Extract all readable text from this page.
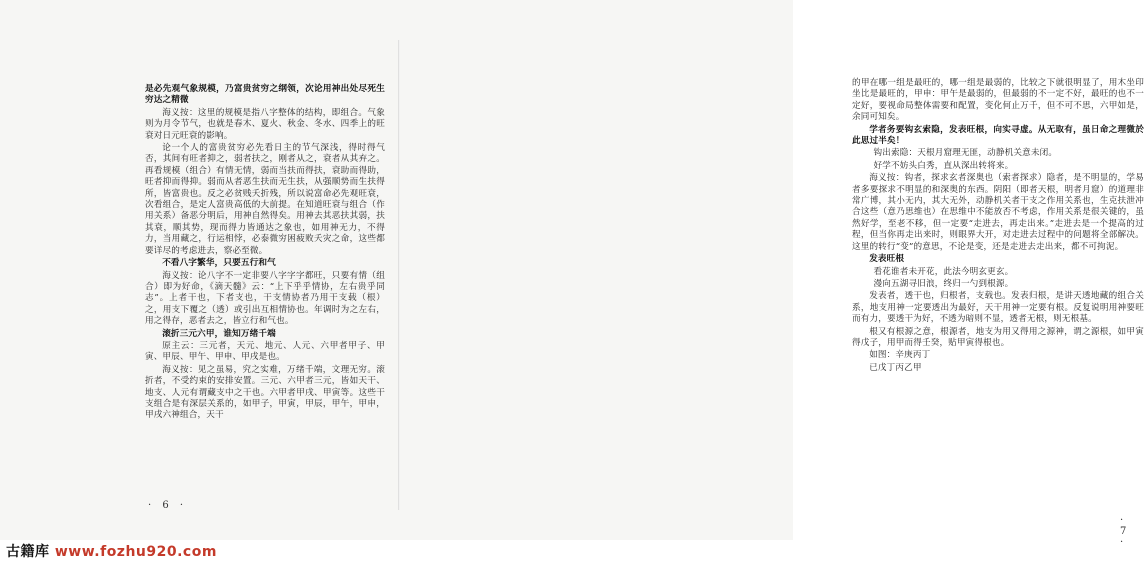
是必先观气象规模，乃富贵贫穷之纲领，次论用神出处尽死生穷达之精微

海义按：这里的规模是指八字整体的结构，即组合。气象则为月令节气，也就是春木、夏火、秋金、冬水、四季上的旺衰对日元旺衰的影响。

论一个人的富贵贫穷必先看日主的节气深浅，得时得气否，其间有旺者抑之，弱者扶之，刚者从之，衰者从其弃之。再看规模（组合）有情无情，弱而当扶而得扶，衰助而得助，旺者抑而得抑。弱而从者恶生扶而无生扶，从强顺势而生扶得所，皆富贵也。反之必贫贱夭折残，所以说富命必先观旺衰，次看组合，是定人富贵高低的大前提。在知道旺衰与组合（作用关系）备恶分明后，用神自然得矣。用神去其恶扶其弱，扶其衰，顺其势，现而得力皆通达之象也，如用神无力，不得力，当用藏之，行运相悖，必泰微穷困疲败夭灾之命，这些都要详尽的考虑进去，察必至微。

不看八字繁华，只要五行和气

海义按：论八字不一定非要八字字字都旺，只要有情（组合）即为好命，《滴天髓》云：“上下乎乎情协，左右贵乎同志”。上者干也，下者支也，干支情协者乃用干支载（根）之，用支下覆之（透）或引出互相情协也。年调时为之左右，用之得存，恶者去之，皆立行和气也。

滚折三元六甲，谁知万绪千端

原主云：三元者，天元、地元、人元、六甲者甲子、甲寅、甲辰、甲午、甲申、甲戌是也。

海义按：见之虽易，究之实难，万绪千端，文理无穷。滚折者，不受约束的安排安置。三元、六甲者三元，皆如天干、地支、人元有谓藏支中之干也。六甲者甲戌、甲寅等。这些干支组合是有深层关系的，如甲子，甲寅，甲辰，甲午，甲申，甲戌六神组合，天干

· 6 ·

的甲在哪一组是最旺的，哪一组是最弱的，比较之下就很明显了，用木坐印坐比是最旺的，甲申：甲午是最弱的，但最弱的不一定不好，最旺的也不一定好，要视命局整体需要和配置，变化何止万千，但不可不思，六甲如是，余同可知矣。

学者务要钩玄索隐，发表旺根，向实寻虚。从无取有，虽日命之理微於此思过半矣！

钩出索隐：天根月窟理无匪，动静机关意未闭。

好学不妨头白秀，直从深出转将来。

海义按：钩者，探求玄者深奥也（索者探求）隐者，是不明显的，学易者多要探求不明显的和深奥的东西。阴阳（即者天根，明者月窟）的道理非常广博，其小无内，其大无外，动静机关者干支之作用关系也，生克扶泄冲合这些（意乃思维也）在思维中不能放否不考虑，作用关系是很关键的，虽然好学，至老不移，但一定要“走进去，再走出来。”走进去是一个提高的过程，但当你再走出来时，则眼界大开，对走进去过程中的问题将全部解决。这里的转行“变”的意思，不论是变，还是走进去走出来，都不可拘泥。

发表旺根

看花谁者未开花，此法今明玄更玄。

漫向五湖寻旧浪，终归一勺到根源。

发表者，透干也，归根者，支载也。发表归根，是讲天透地藏的组合关系，地支用神一定要透出为最好，天干用神一定要有根。反复说明用神要旺而有力，要透干为好，不透为暗则不显，透者无根，则无根基。

根又有根源之意，根源者，地支为用又得用之源神，谓之源根，如甲寅得戊子，用甲而得壬癸，贴甲寅得根也。

如图：辛庚丙丁

已戊丁丙乙甲

· 7 ·
古籍库 www.fozhu920.com
